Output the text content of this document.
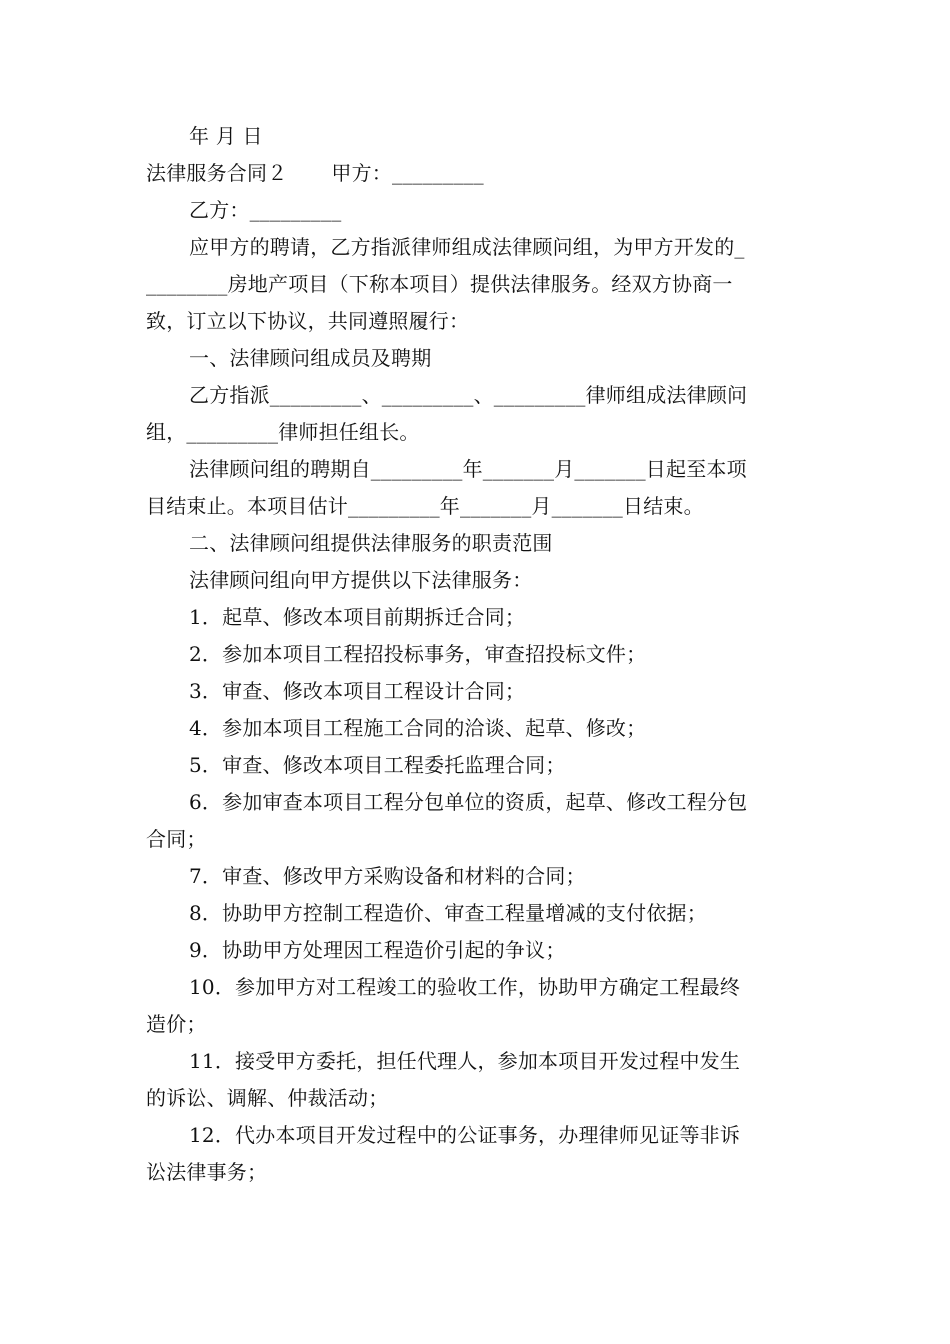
年 月 日
法律服务合同２ 甲方：_________
乙方：_________
应甲方的聘请，乙方指派律师组成法律顾问组，为甲方开发的_
________房地产项目（下称本项目）提供法律服务。经双方协商一
致，订立以下协议，共同遵照履行：
一、法律顾问组成员及聘期
乙方指派_________、_________、_________律师组成法律顾问
组，_________律师担任组长。
法律顾问组的聘期自_________年_______月_______日起至本项
目结束止。本项目估计_________年_______月_______日结束。
二、法律顾问组提供法律服务的职责范围
法律顾问组向甲方提供以下法律服务：
1．起草、修改本项目前期拆迁合同；
2．参加本项目工程招投标事务，审查招投标文件；
3．审查、修改本项目工程设计合同；
4．参加本项目工程施工合同的洽谈、起草、修改；
5．审查、修改本项目工程委托监理合同；
6．参加审查本项目工程分包单位的资质，起草、修改工程分包
合同；
7．审查、修改甲方采购设备和材料的合同；
8．协助甲方控制工程造价、审查工程量增减的支付依据；
9．协助甲方处理因工程造价引起的争议；
10．参加甲方对工程竣工的验收工作，协助甲方确定工程最终
造价；
11．接受甲方委托，担任代理人，参加本项目开发过程中发生
的诉讼、调解、仲裁活动；
12．代办本项目开发过程中的公证事务，办理律师见证等非诉
讼法律事务；
